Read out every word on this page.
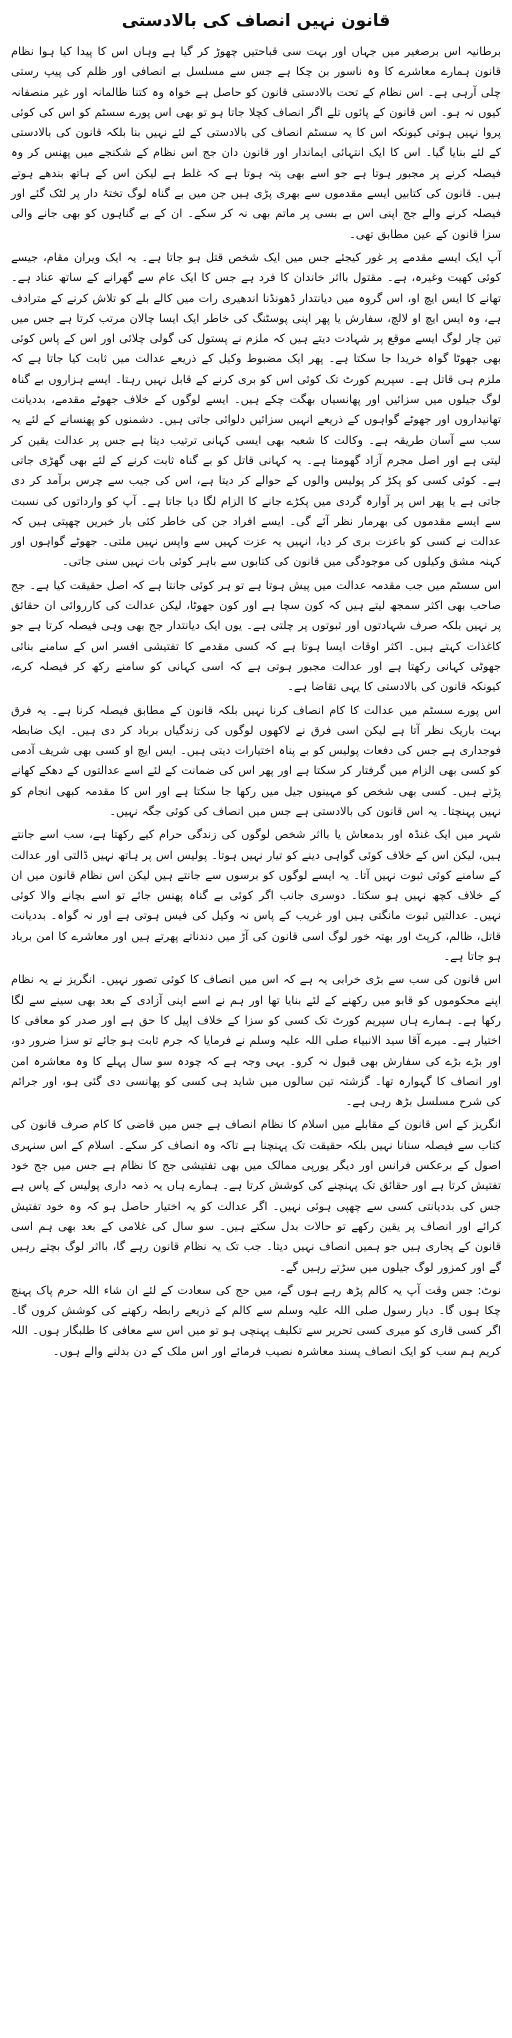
قانون نہیں انصاف کی بالادستی

برطانیہ اس برصغیر میں جہاں اور بہت سی قباحتیں چھوڑ کر گیا ہے وہاں اس کا پیدا کیا ہوا نظام قانون ہمارے معاشرے کا وہ ناسور بن چکا ہے جس سے مسلسل بے انصافی اور ظلم کی پیپ رستی چلی آرہی ہے۔ اس نظام کے تحت بالادستی قانون کو حاصل ہے خواہ وہ کتنا ظالمانہ اور غیر منصفانہ کیوں نہ ہو۔ اس قانون کے پائوں تلے اگر انصاف کچلا جاتا ہو تو بھی اس پورے سسٹم کو اس کی کوئی پروا نہیں ہوتی کیونکہ اس کا یہ سسٹم انصاف کی بالادستی کے لئے نہیں بنا بلکہ قانون کی بالادستی کے لئے بنایا گیا۔ اس کا ایک انتہائی ایماندار اور قانون دان جج اس نظام کے شکنجے میں پھنس کر وہ فیصلہ کرنے پر مجبور ہوتا ہے جو اسے بھی پتہ ہوتا ہے کہ غلط ہے لیکن اس کے ہاتھ بندھے ہوتے ہیں۔ قانون کی کتابیں ایسے مقدموں سے بھری پڑی ہیں جن میں بے گناہ لوگ تختۂ دار پر لٹک گئے اور فیصلہ کرنے والے جج اپنی اس بے بسی پر ماتم بھی نہ کر سکے۔ ان کے بے گناہوں کو بھی جانے والی سزا قانون کے عین مطابق تھی۔

آپ ایک ایسے مقدمے پر غور کیجئے جس میں ایک شخص قتل ہو جاتا ہے۔ یہ ایک ویران مقام، جیسے کوئی کھیت وغیرہ، ہے۔ مقتول بااثر خاندان کا فرد ہے جس کا ایک عام سے گھرانے کے ساتھ عناد ہے۔ تھانے کا ایس ایچ او، اس گروہ میں دیانتدار ڈھونڈنا اندھیری رات میں کالے بلے کو تلاش کرنے کے مترادف ہے، وہ ایس ایچ او لالچ، سفارش یا پھر اپنی پوسٹنگ کی خاطر ایک ایسا چالان مرتب کرتا ہے جس میں تین چار لوگ ایسے موقع پر شہادت دیتے ہیں کہ ملزم نے پستول کی گولی چلائی اور اس کے پاس کوئی بھی جھوٹا گواہ خریدا جا سکتا ہے۔ پھر ایک مضبوط وکیل کے ذریعے عدالت میں ثابت کیا جاتا ہے کہ ملزم ہی قاتل ہے۔ سپریم کورٹ تک کوئی اس کو بری کرنے کے قابل نہیں رہتا۔ ایسے ہزاروں بے گناہ لوگ جیلوں میں سزائیں اور پھانسیاں بھگت چکے ہیں۔ ایسے لوگوں کے خلاف جھوٹے مقدمے، بددیانت تھانیداروں اور جھوٹے گواہوں کے ذریعے انہیں سزائیں دلوائی جاتی ہیں۔ دشمنوں کو پھنسانے کے لئے یہ سب سے آسان طریقہ ہے۔ وکالت کا شعبہ بھی ایسی کہانی ترتیب دیتا ہے جس پر عدالت یقین کر لیتی ہے اور اصل مجرم آزاد گھومتا ہے۔ یہ کہانی قاتل کو بے گناہ ثابت کرنے کے لئے بھی گھڑی جاتی ہے۔ کوئی کسی کو پکڑ کر پولیس والوں کے حوالے کر دیتا ہے، اس کی جیب سے چرس برآمد کر دی جاتی ہے یا پھر اس پر آوارہ گردی میں پکڑے جانے کا الزام لگا دیا جاتا ہے۔ آپ کو وارداتوں کی نسبت سے ایسے مقدموں کی بھرمار نظر آئے گی۔ ایسے افراد جن کی خاطر کئی بار خبریں چھپتی ہیں کہ عدالت نے کسی کو باعزت بری کر دیا، انہیں یہ عزت کہیں سے واپس نہیں ملتی۔ جھوٹے گواہوں اور کہنہ مشق وکیلوں کی موجودگی میں قانون کی کتابوں سے باہر کوئی بات نہیں سنی جاتی۔

اس سسٹم میں جب مقدمہ عدالت میں پیش ہوتا ہے تو ہر کوئی جانتا ہے کہ اصل حقیقت کیا ہے۔ جج صاحب بھی اکثر سمجھ لیتے ہیں کہ کون سچا ہے اور کون جھوٹا، لیکن عدالت کی کارروائی ان حقائق پر نہیں بلکہ صرف شہادتوں اور ثبوتوں پر چلتی ہے۔ یوں ایک دیانتدار جج بھی وہی فیصلہ کرتا ہے جو کاغذات کہتے ہیں۔ اکثر اوقات ایسا ہوتا ہے کہ کسی مقدمے کا تفتیشی افسر اس کے سامنے بنائی جھوٹی کہانی رکھتا ہے اور عدالت مجبور ہوتی ہے کہ اسی کہانی کو سامنے رکھ کر فیصلہ کرے، کیونکہ قانون کی بالادستی کا یہی تقاضا ہے۔

اس پورے سسٹم میں عدالت کا کام انصاف کرنا نہیں بلکہ قانون کے مطابق فیصلہ کرنا ہے۔ یہ فرق بہت باریک نظر آتا ہے لیکن اسی فرق نے لاکھوں لوگوں کی زندگیاں برباد کر دی ہیں۔ ایک ضابطہ فوجداری ہے جس کی دفعات پولیس کو بے پناہ اختیارات دیتی ہیں۔ ایس ایچ او کسی بھی شریف آدمی کو کسی بھی الزام میں گرفتار کر سکتا ہے اور پھر اس کی ضمانت کے لئے اسے عدالتوں کے دھکے کھانے پڑتے ہیں۔ کسی بھی شخص کو مہینوں جیل میں رکھا جا سکتا ہے اور اس کا مقدمہ کبھی انجام کو نہیں پہنچتا۔ یہ اس قانون کی بالادستی ہے جس میں انصاف کی کوئی جگہ نہیں۔

شہر میں ایک غنڈہ اور بدمعاش یا بااثر شخص لوگوں کی زندگی حرام کیے رکھتا ہے، سب اسے جانتے ہیں، لیکن اس کے خلاف کوئی گواہی دینے کو تیار نہیں ہوتا۔ پولیس اس پر ہاتھ نہیں ڈالتی اور عدالت کے سامنے کوئی ثبوت نہیں آتا۔ یہ ایسے لوگوں کو برسوں سے جانتے ہیں لیکن اس نظام قانون میں ان کے خلاف کچھ نہیں ہو سکتا۔ دوسری جانب اگر کوئی بے گناہ پھنس جائے تو اسے بچانے والا کوئی نہیں۔ عدالتیں ثبوت مانگتی ہیں اور غریب کے پاس نہ وکیل کی فیس ہوتی ہے اور نہ گواہ۔ بددیانت قاتل، ظالم، کرپٹ اور بھتہ خور لوگ اسی قانون کی آڑ میں دندناتے پھرتے ہیں اور معاشرے کا امن برباد ہو جاتا ہے۔

اس قانون کی سب سے بڑی خرابی یہ ہے کہ اس میں انصاف کا کوئی تصور نہیں۔ انگریز نے یہ نظام اپنے محکوموں کو قابو میں رکھنے کے لئے بنایا تھا اور ہم نے اسے اپنی آزادی کے بعد بھی سینے سے لگا رکھا ہے۔ ہمارے ہاں سپریم کورٹ تک کسی کو سزا کے خلاف اپیل کا حق ہے اور صدر کو معافی کا اختیار ہے۔ میرے آقا سید الانبیاء صلی اللہ علیہ وسلم نے فرمایا کہ جرم ثابت ہو جائے تو سزا ضرور دو، اور بڑے بڑے کی سفارش بھی قبول نہ کرو۔ یہی وجہ ہے کہ چودہ سو سال پہلے کا وہ معاشرہ امن اور انصاف کا گہوارہ تھا۔ گزشتہ تین سالوں میں شاید ہی کسی کو پھانسی دی گئی ہو، اور جرائم کی شرح مسلسل بڑھ رہی ہے۔

انگریز کے اس قانون کے مقابلے میں اسلام کا نظام انصاف ہے جس میں قاضی کا کام صرف قانون کی کتاب سے فیصلہ سنانا نہیں بلکہ حقیقت تک پہنچنا ہے تاکہ وہ انصاف کر سکے۔ اسلام کے اس سنہری اصول کے برعکس فرانس اور دیگر یورپی ممالک میں بھی تفتیشی جج کا نظام ہے جس میں جج خود تفتیش کرتا ہے اور حقائق تک پہنچنے کی کوشش کرتا ہے۔ ہمارے ہاں یہ ذمہ داری پولیس کے پاس ہے جس کی بددیانتی کسی سے چھپی ہوئی نہیں۔ اگر عدالت کو یہ اختیار حاصل ہو کہ وہ خود تفتیش کرائے اور انصاف پر یقین رکھے تو حالات بدل سکتے ہیں۔ سو سال کی غلامی کے بعد بھی ہم اسی قانون کے پجاری ہیں جو ہمیں انصاف نہیں دیتا۔ جب تک یہ نظام قانون رہے گا، بااثر لوگ بچتے رہیں گے اور کمزور لوگ جیلوں میں سڑتے رہیں گے۔

نوٹ: جس وقت آپ یہ کالم پڑھ رہے ہوں گے، میں حج کی سعادت کے لئے ان شاء اللہ حرم پاک پہنچ چکا ہوں گا۔ دیار رسول صلی اللہ علیہ وسلم سے کالم کے ذریعے رابطہ رکھنے کی کوشش کروں گا۔ اگر کسی قاری کو میری کسی تحریر سے تکلیف پہنچی ہو تو میں اس سے معافی کا طلبگار ہوں۔ اللہ کریم ہم سب کو ایک انصاف پسند معاشرہ نصیب فرمائے اور اس ملک کے دن بدلنے والے ہوں۔
